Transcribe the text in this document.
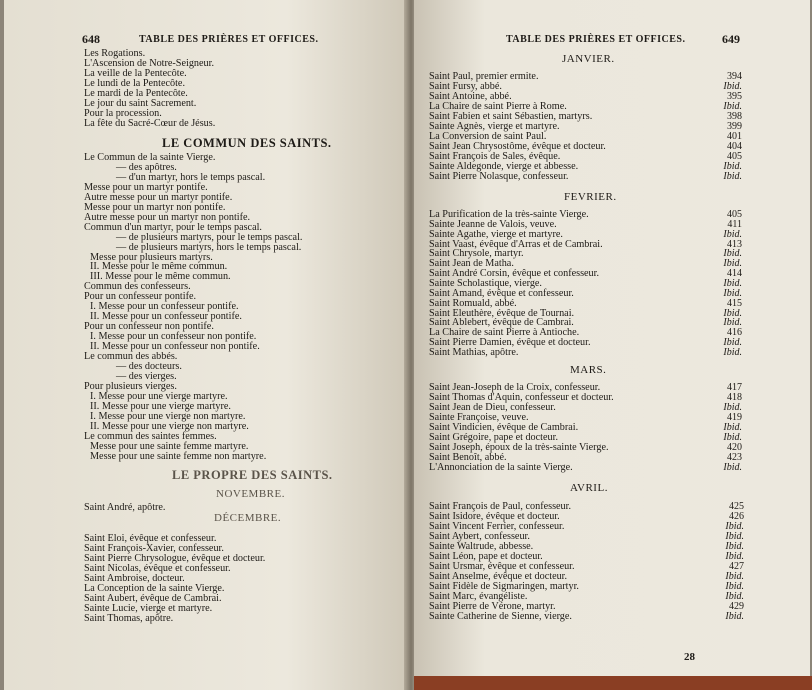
648	TABLE DES PRIÈRES ET OFFICES.
Les Rogations.
L'Ascension de Notre-Seigneur.
La veille de la Pentecôte.
Le lundi de la Pentecôte.
Le mardi de la Pentecôte.
Le jour du saint Sacrement.
Pour la procession.
La fête du Sacré-Cœur de Jésus.
LE COMMUN DES SAINTS.
Le Commun de la sainte Vierge.
— des apôtres.
— d'un martyr, hors le temps pascal.
Messe pour un martyr pontife.
Autre messe pour un martyr pontife.
Messe pour un martyr non pontife.
Autre messe pour un martyr non pontife.
Commun d'un martyr, pour le temps pascal.
— de plusieurs martyrs, pour le temps pascal.
— de plusieurs martyrs, hors le temps pascal.
Messe pour plusieurs martyrs.
II. Messe pour le même commun.
III. Messe pour le même commun.
Commun des confesseurs.
Pour un confesseur pontife.
I. Messe pour un confesseur pontife.
II. Messe pour un confesseur pontife.
Pour un confesseur non pontife.
I. Messe pour un confesseur non pontife.
II. Messe pour un confesseur non pontife.
Le commun des abbés.
— des docteurs.
— des vierges.
Pour plusieurs vierges.
I. Messe pour une vierge martyre.
II. Messe pour une vierge martyre.
I. Messe pour une vierge non martyre.
II. Messe pour une vierge non martyre.
Le commun des saintes femmes.
Messe pour une sainte femme martyre.
Messe pour une sainte femme non martyre.
LE PROPRE DES SAINTS.
NOVEMBRE.
Saint André, apôtre.
DÉCEMBRE.
Saint Eloi, évêque et confesseur.
Saint François-Xavier, confesseur.
Saint Pierre Chrysologue, évêque et docteur.
Saint Nicolas, évêque et confesseur.
Saint Ambroise, docteur.
La Conception de la sainte Vierge.
Saint Aubert, évêque de Cambrai.
Sainte Lucie, vierge et martyre.
Saint Thomas, apôtre.
TABLE DES PRIÈRES ET OFFICES.	649
JANVIER.
Saint Paul, premier ermite.	394
Saint Fursy, abbé.	Ibid.
Saint Antoine, abbé.	395
La Chaire de saint Pierre à Rome.	Ibid.
Saint Fabien et saint Sébastien, martyrs.	398
Sainte Agnès, vierge et martyre.	399
La Conversion de saint Paul.	401
Saint Jean Chrysostôme, évêque et docteur.	404
Saint François de Sales, évêque.	405
Sainte Aldegonde, vierge et abbesse.	Ibid.
Saint Pierre Nolasque, confesseur.	Ibid.
FEVRIER.
La Purification de la très-sainte Vierge.	405
Sainte Jeanne de Valois, veuve.	411
Sainte Agathe, vierge et martyre.	Ibid.
Saint Vaast, évêque d'Arras et de Cambrai.	413
Saint Chrysole, martyr.	Ibid.
Saint Jean de Matha.	Ibid.
Saint André Corsin, évêque et confesseur.	414
Sainte Scholastique, vierge.	Ibid.
Saint Amand, évêque et confesseur.	Ibid.
Saint Romuald, abbé.	415
Saint Eleuthère, évêque de Tournai.	Ibid.
Saint Ablebert, évêque de Cambrai.	Ibid.
La Chaire de saint Pierre à Antioche.	416
Saint Pierre Damien, évêque et docteur.	Ibid.
Saint Mathias, apôtre.	Ibid.
MARS.
Saint Jean-Joseph de la Croix, confesseur.	417
Saint Thomas d'Aquin, confesseur et docteur.	418
Saint Jean de Dieu, confesseur.	Ibid.
Sainte Françoise, veuve.	419
Saint Vindicien, évêque de Cambrai.	Ibid.
Saint Grégoire, pape et docteur.	Ibid.
Saint Joseph, époux de la très-sainte Vierge.	420
Saint Benoît, abbé.	423
L'Annonciation de la sainte Vierge.	Ibid.
AVRIL.
Saint François de Paul, confesseur.	425
Saint Isidore, évêque et docteur.	426
Saint Vincent Ferrier, confesseur.	Ibid.
Saint Aybert, confesseur.	Ibid.
Sainte Waltrude, abbesse.	Ibid.
Saint Léon, pape et docteur.	Ibid.
Saint Ursmar, évêque et confesseur.	427
Saint Anselme, évêque et docteur.	Ibid.
Saint Fidèle de Sigmaringen, martyr.	Ibid.
Saint Marc, évangéliste.	Ibid.
Saint Pierre de Vérone, martyr.	429
Sainte Catherine de Sienne, vierge.	Ibid.
28
